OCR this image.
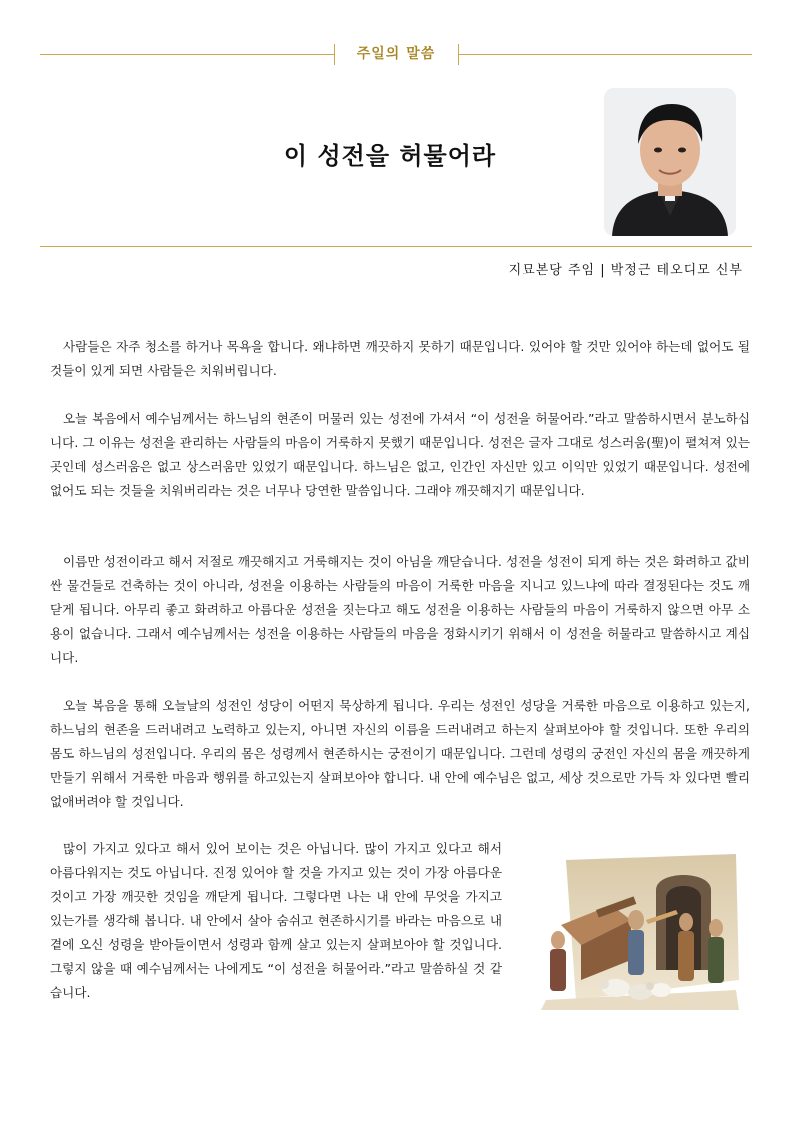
주일의 말씀
이 성전을 허물어라
지묘본당 주임 | 박정근 테오디모 신부

사람들은 자주 청소를 하거나 목욕을 합니다. 왜냐하면 깨끗하지 못하기 때문입니다. 있어야 할 것만 있어야 하는데 없어도 될 것들이 있게 되면 사람들은 치워버립니다.

오늘 복음에서 예수님께서는 하느님의 현존이 머물러 있는 성전에 가셔서 “이 성전을 허물어라.”라고 말씀하시면서 분노하십니다. 그 이유는 성전을 관리하는 사람들의 마음이 거룩하지 못했기 때문입니다. 성전은 글자 그대로 성스러움(聖)이 펼쳐져 있는 곳인데 성스러움은 없고 상스러움만 있었기 때문입니다. 하느님은 없고, 인간인 자신만 있고 이익만 있었기 때문입니다. 성전에 없어도 되는 것들을 치워버리라는 것은 너무나 당연한 말씀입니다. 그래야 깨끗해지기 때문입니다.

이름만 성전이라고 해서 저절로 깨끗해지고 거룩해지는 것이 아님을 깨닫습니다. 성전을 성전이 되게 하는 것은 화려하고 값비싼 물건들로 건축하는 것이 아니라, 성전을 이용하는 사람들의 마음이 거룩한 마음을 지니고 있느냐에 따라 결정된다는 것도 깨닫게 됩니다. 아무리 좋고 화려하고 아름다운 성전을 짓는다고 해도 성전을 이용하는 사람들의 마음이 거룩하지 않으면 아무 소용이 없습니다. 그래서 예수님께서는 성전을 이용하는 사람들의 마음을 정화시키기 위해서 이 성전을 허물라고 말씀하시고 계십니다.

오늘 복음을 통해 오늘날의 성전인 성당이 어떤지 묵상하게 됩니다. 우리는 성전인 성당을 거룩한 마음으로 이용하고 있는지, 하느님의 현존을 드러내려고 노력하고 있는지, 아니면 자신의 이름을 드러내려고 하는지 살펴보아야 할 것입니다. 또한 우리의 몸도 하느님의 성전입니다. 우리의 몸은 성령께서 현존하시는 궁전이기 때문입니다. 그런데 성령의 궁전인 자신의 몸을 깨끗하게 만들기 위해서 거룩한 마음과 행위를 하고있는지 살펴보아야 합니다. 내 안에 예수님은 없고, 세상 것으로만 가득 차 있다면 빨리 없애버려야 할 것입니다.

많이 가지고 있다고 해서 있어 보이는 것은 아닙니다. 많이 가지고 있다고 해서 아름다워지는 것도 아닙니다. 진정 있어야 할 것을 가지고 있는 것이 가장 아름다운 것이고 가장 깨끗한 것임을 깨닫게 됩니다. 그렇다면 나는 내 안에 무엇을 가지고 있는가를 생각해 봅니다. 내 안에서 살아 숨쉬고 현존하시기를 바라는 마음으로 내 곁에 오신 성령을 받아들이면서 성령과 함께 살고 있는지 살펴보아야 할 것입니다. 그렇지 않을 때 예수님께서는 나에게도 “이 성전을 허물어라.”라고 말씀하실 것 같습니다.
